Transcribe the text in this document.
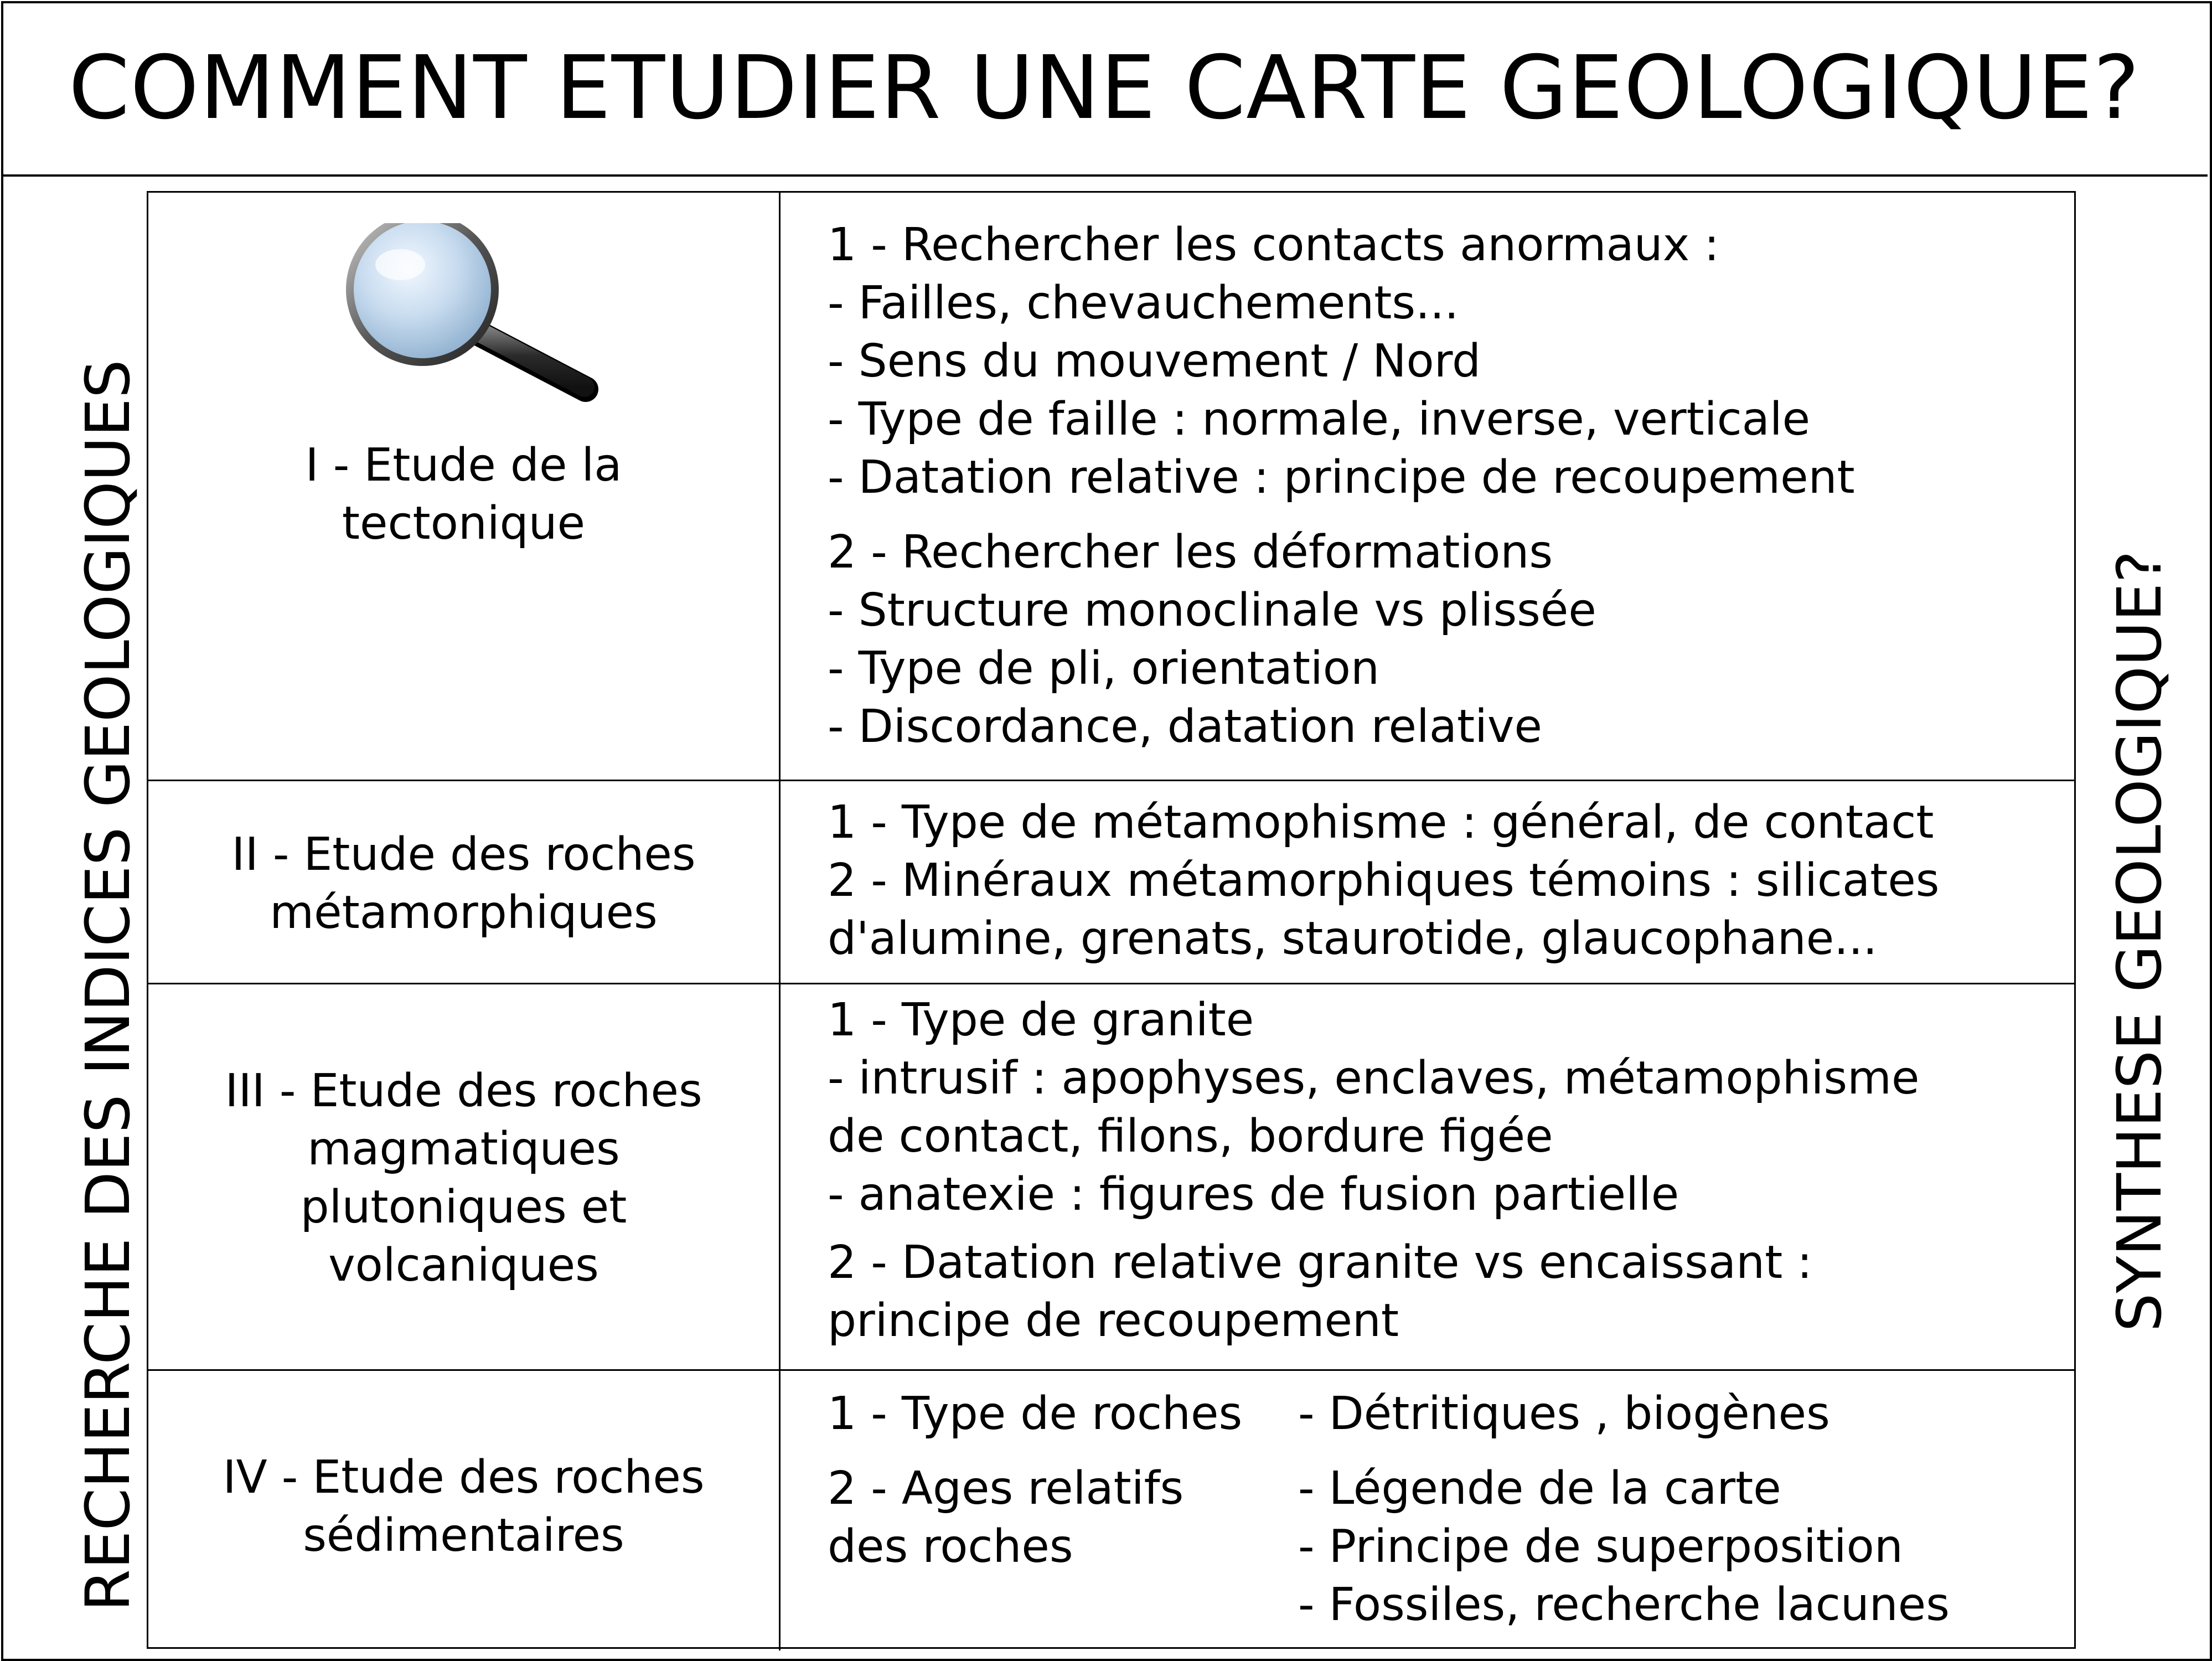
COMMENT ETUDIER UNE CARTE GEOLOGIQUE?
RECHERCHE DES INDICES GEOLOGIQUES	SYNTHESE GEOLOGIQUE?
I - Etude de la
tectonique
1 - Rechercher les contacts anormaux :
- Failles, chevauchements...
- Sens du mouvement / Nord
- Type de faille : normale, inverse, verticale
- Datation relative : principe de recoupement
2 - Rechercher les déformations
- Structure monoclinale vs plissée
- Type de pli, orientation
- Discordance, datation relative
II - Etude des roches
métamorphiques
1 - Type de métamophisme : général, de contact
2 - Minéraux métamorphiques témoins : silicates
d'alumine, grenats, staurotide, glaucophane...
III - Etude des roches
magmatiques
plutoniques et
volcaniques
1 - Type de granite
- intrusif : apophyses, enclaves, métamophisme
de contact, filons, bordure figée
- anatexie : figures de fusion partielle
2 - Datation relative granite vs encaissant :
principe de recoupement
IV - Etude des roches
sédimentaires
1 - Type de roches
2 - Ages relatifs
des roches
- Détritiques , biogènes
- Légende de la carte
- Principe de superposition
- Fossiles, recherche lacunes
